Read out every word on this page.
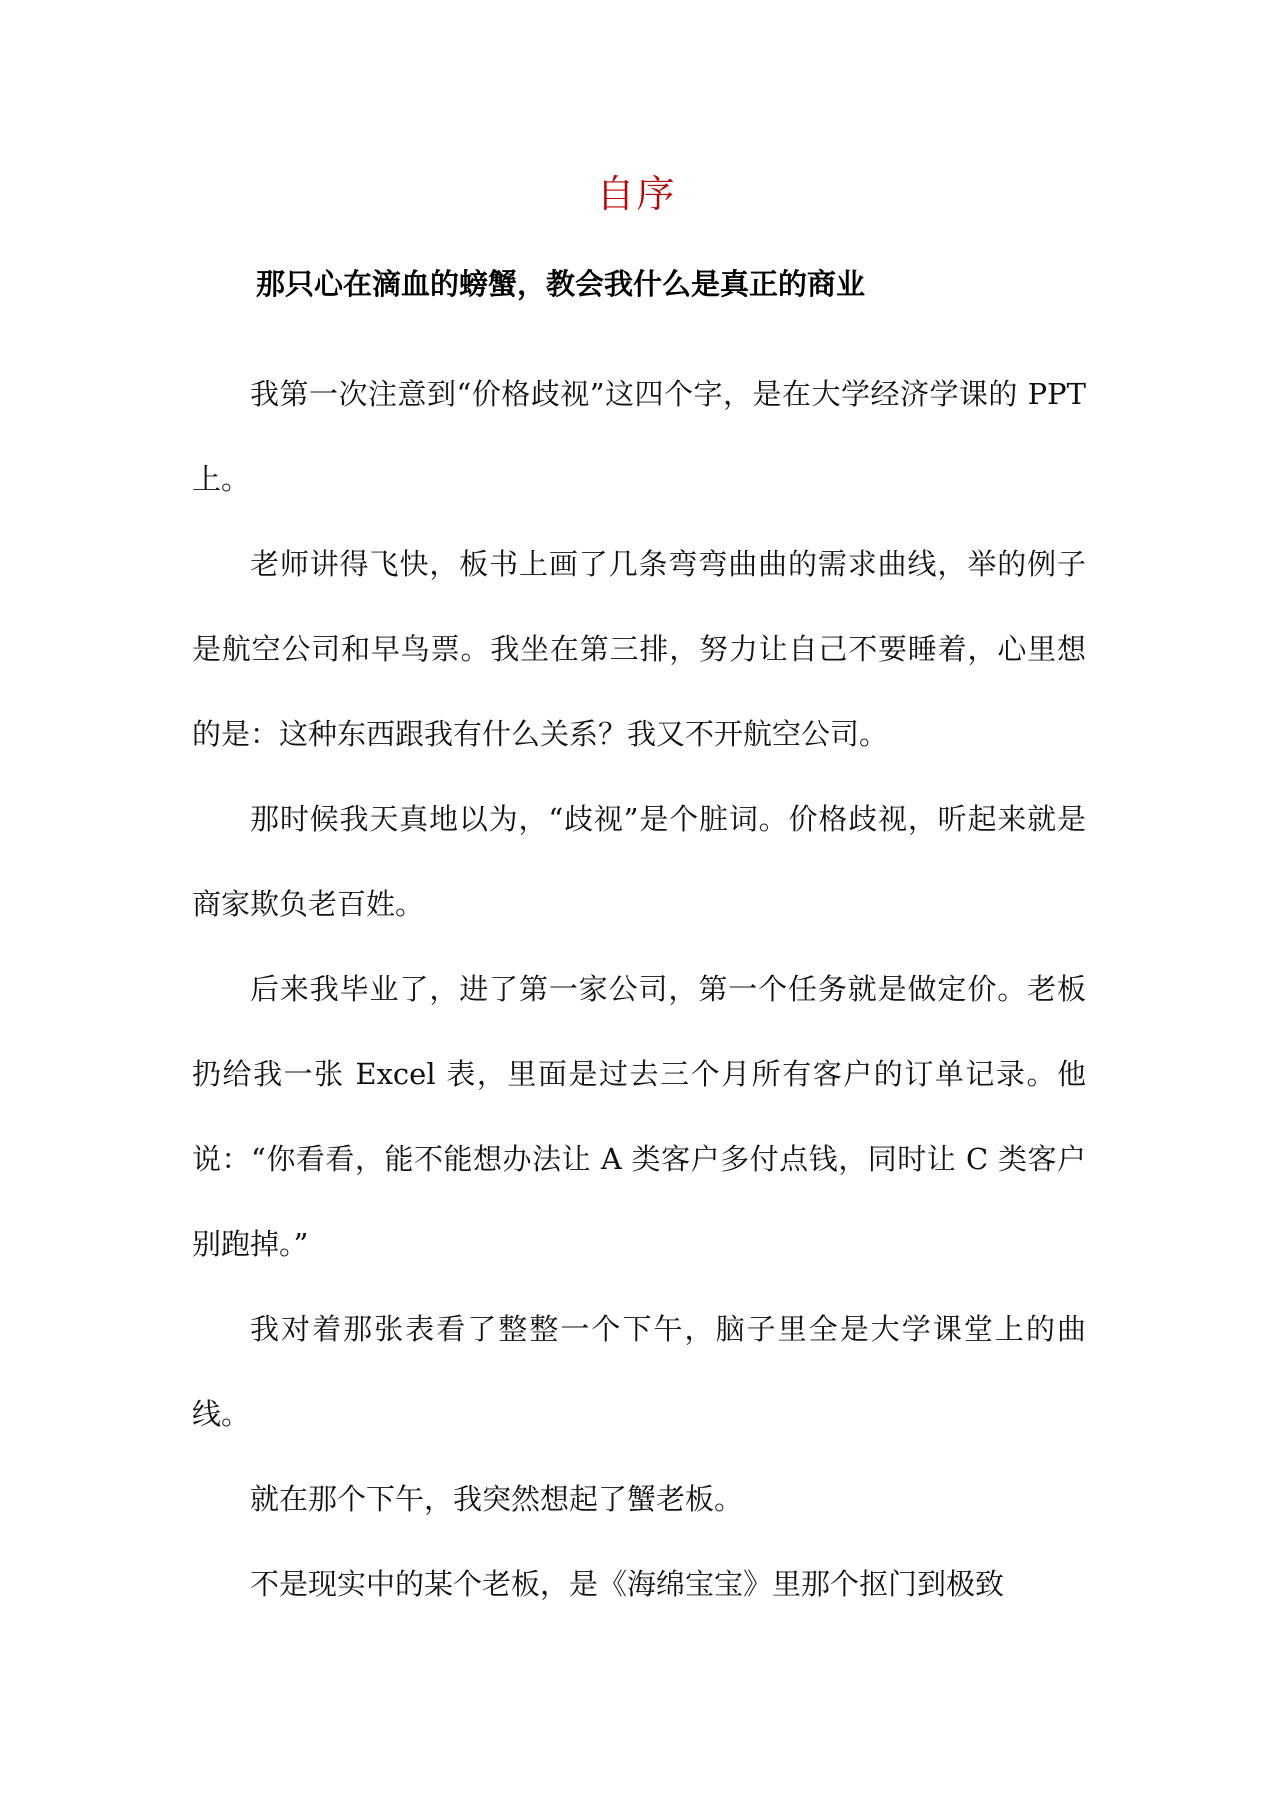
自序
那只心在滴血的螃蟹，教会我什么是真正的商业

我第一次注意到“价格歧视”这四个字，是在大学经济学课的 PPT 上。

老师讲得飞快，板书上画了几条弯弯曲曲的需求曲线，举的例子是航空公司和早鸟票。我坐在第三排，努力让自己不要睡着，心里想的是：这种东西跟我有什么关系？我又不开航空公司。

那时候我天真地以为，“歧视”是个脏词。价格歧视，听起来就是商家欺负老百姓。

后来我毕业了，进了第一家公司，第一个任务就是做定价。老板扔给我一张 Excel 表，里面是过去三个月所有客户的订单记录。他说：“你看看，能不能想办法让 A 类客户多付点钱，同时让 C 类客户别跑掉。”

我对着那张表看了整整一个下午，脑子里全是大学课堂上的曲线。

就在那个下午，我突然想起了蟹老板。

不是现实中的某个老板，是《海绵宝宝》里那个抠门到极致
